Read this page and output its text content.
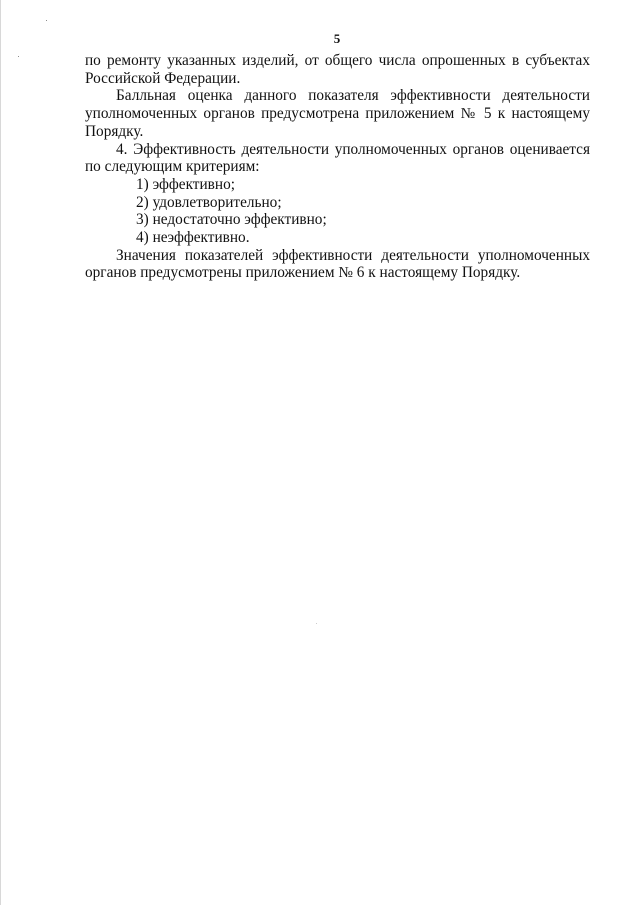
5

по ремонту указанных изделий, от общего числа опрошенных в субъектах Российской Федерации.

Балльная оценка данного показателя эффективности деятельности уполномоченных органов предусмотрена приложением № 5 к настоящему Порядку.

4. Эффективность деятельности уполномоченных органов оценивается по следующим критериям:

1) эффективно;

2) удовлетворительно;

3) недостаточно эффективно;

4) неэффективно.

Значения показателей эффективности деятельности уполномоченных органов предусмотрены приложением № 6 к настоящему Порядку.
